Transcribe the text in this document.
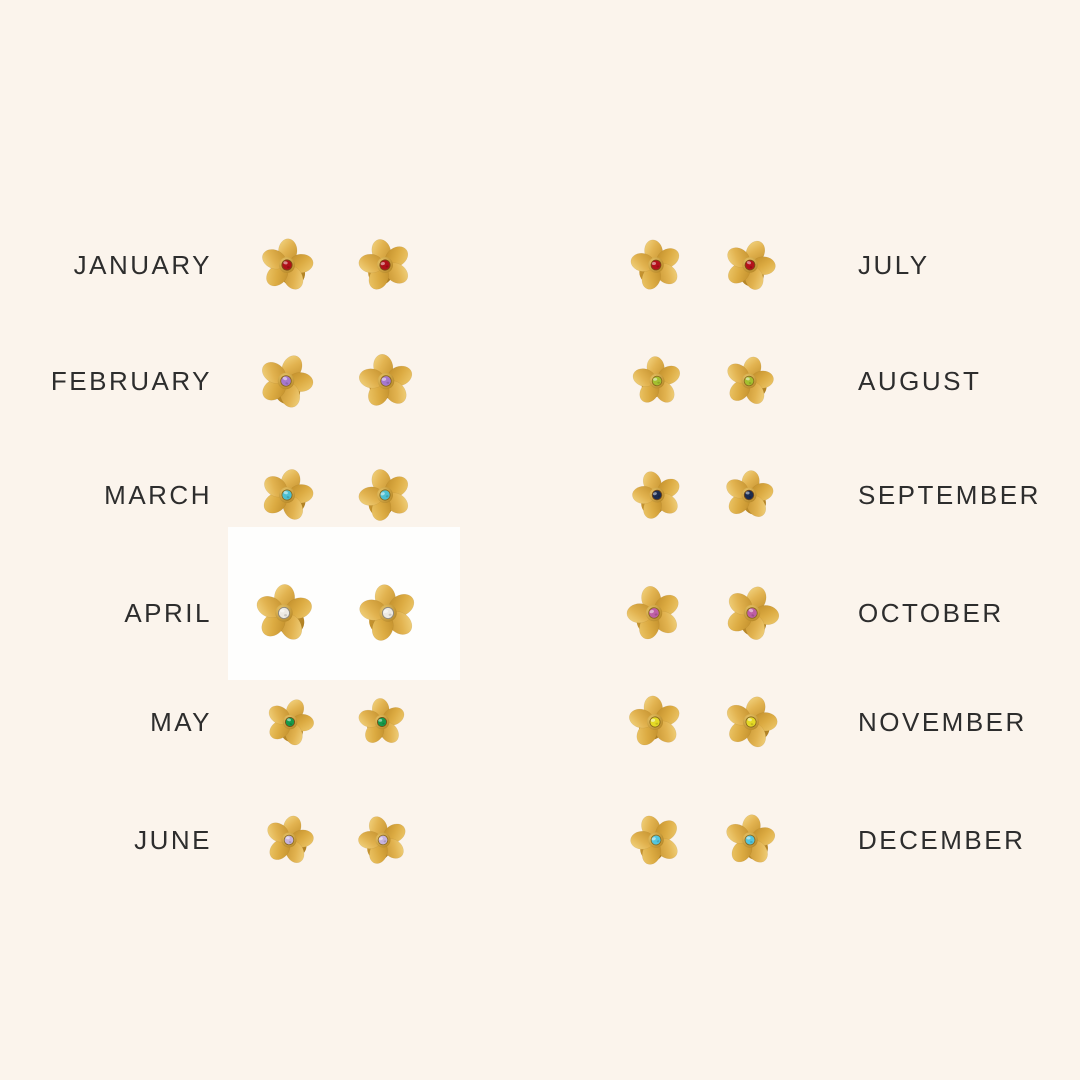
JANUARY	JULY
FEBRUARY	AUGUST
MARCH	SEPTEMBER
APRIL	OCTOBER
MAY	NOVEMBER
JUNE	DECEMBER
